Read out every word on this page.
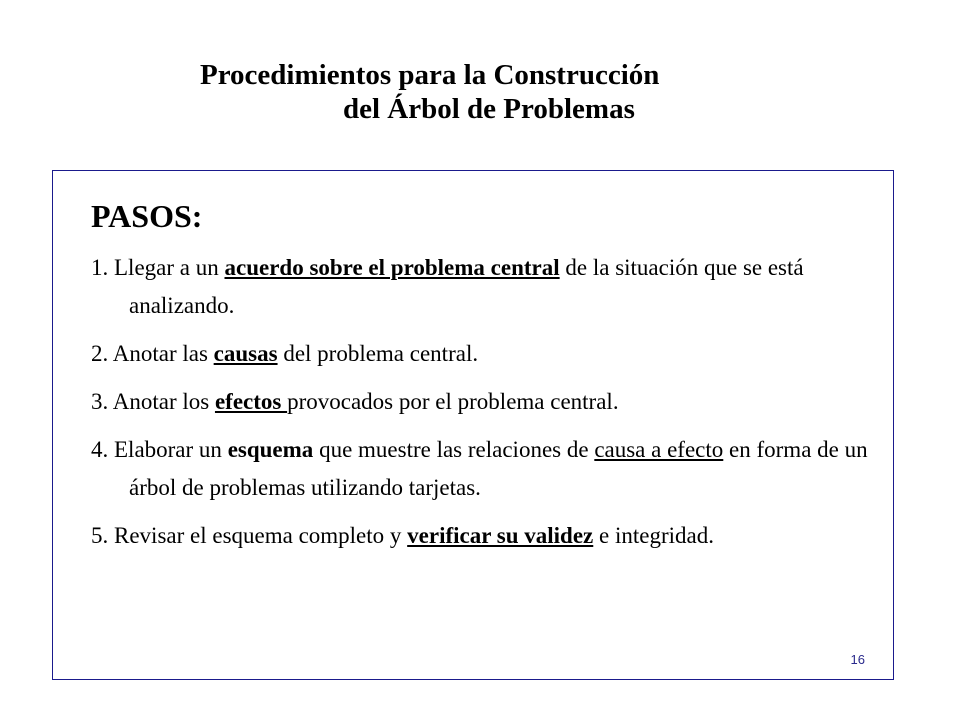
Procedimientos para la Construcción
del Árbol de Problemas
PASOS:
1. Llegar a un acuerdo sobre el problema central de la situación que se está analizando.
2. Anotar las causas del problema central.
3. Anotar los efectos provocados por el problema central.
4. Elaborar un esquema que muestre las relaciones de causa a efecto en forma de un árbol de problemas utilizando tarjetas.
5. Revisar el esquema completo y verificar su validez e integridad.
16
